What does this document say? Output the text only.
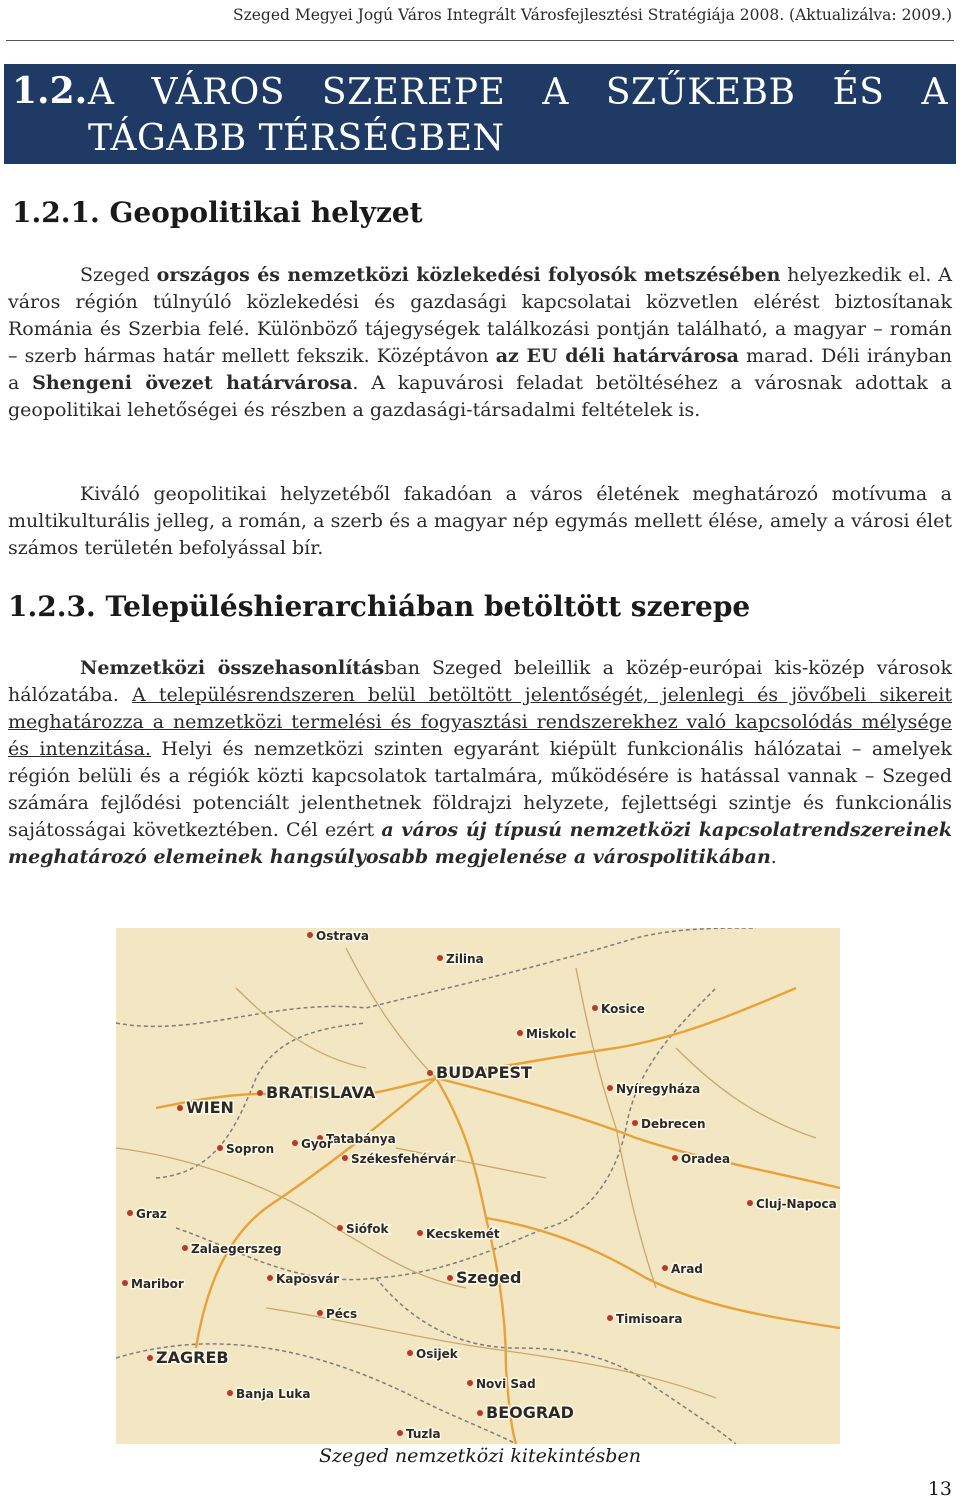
Szeged Megyei Jogú Város Integrált Városfejlesztési Stratégiája 2008. (Aktualizálva: 2009.)
1.2. A VÁROS SZEREPE A SZŰKEBB ÉS A TÁGABB TÉRSÉGBEN
1.2.1. Geopolitikai helyzet

Szeged országos és nemzetközi közlekedési folyosók metszésében helyezkedik el. A város régión túlnyúló közlekedési és gazdasági kapcsolatai közvetlen elérést biztosítanak Románia és Szerbia felé. Különböző tájegységek találkozási pontján található, a magyar – román – szerb hármas határ mellett fekszik. Középtávon az EU déli határvárosa marad. Déli irányban a Shengeni övezet határvárosa. A kapuvárosi feladat betöltéséhez a városnak adottak a geopolitikai lehetőségei és részben a gazdasági-társadalmi feltételek is.

Kiváló geopolitikai helyzetéből fakadóan a város életének meghatározó motívuma a multikulturális jelleg, a román, a szerb és a magyar nép egymás mellett élése, amely a városi élet számos területén befolyással bír.

1.2.3. Településhierarchiában betöltött szerepe

Nemzetközi összehasonlításban Szeged beleillik a közép-európai kis-közép városok hálózatába. A településrendszeren belül betöltött jelentőségét, jelenlegi és jövőbeli sikereit meghatározza a nemzetközi termelési és fogyasztási rendszerekhez való kapcsolódás mélysége és intenzitása. Helyi és nemzetközi szinten egyaránt kiépült funkcionális hálózatai – amelyek régión belüli és a régiók közti kapcsolatok tartalmára, működésére is hatással vannak – Szeged számára fejlődési potenciált jelenthetnek földrajzi helyzete, fejlettségi szintje és funkcionális sajátosságai következtében. Cél ezért a város új típusú nemzetközi kapcsolatrendszereinek meghatározó elemeinek hangsúlyosabb megjelenése a várospolitikában.

Ostrava
Zilina
Kosice
Miskolc
WIEN
BRATISLAVA	Nyíregyháza
Tatabánya
BUDAPEST
Gyor
Debrecen
Székesfehérvár
Sopron
Oradea
Graz
Cluj-Napoca
Zalaegerszeg
Siófok	Kecskemét
Arad
Maribor	Kaposvár	Szeged
Timisoara
Pécs
ZAGREB	Osijek
Novi Sad
Banja Luka
BEOGRAD
Tuzla
Szeged nemzetközi kitekintésben
13
